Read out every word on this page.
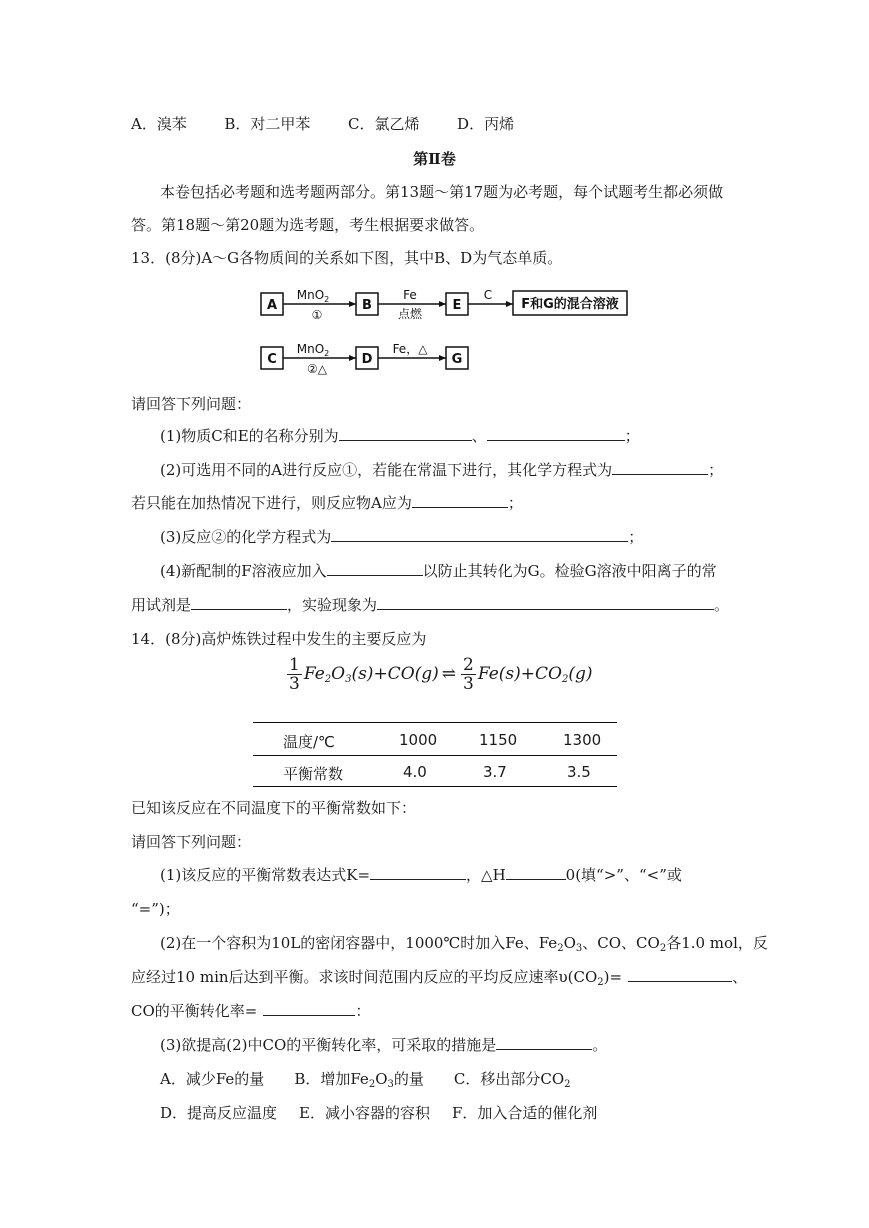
A．溴苯	B．对二甲苯	C．氯乙烯	D．丙烯
第Ⅱ卷
本卷包括必考题和选考题两部分。第13题～第17题为必考题，每个试题考生都必须做
答。第18题～第20题为选考题，考生根据要求做答。
13．(8分)A～G各物质间的关系如下图，其中B、D为气态单质。
A	B	E	F和G的混合溶液
C	D	G
MnO$_2$
①
Fe
点燃
C
MnO$_2$
②△
Fe，△
请回答下列问题：
(1)物质C和E的名称分别为	、	；
(2)可选用不同的A进行反应①，若能在常温下进行，其化学方程式为	；
若只能在加热情况下进行，则反应物A应为	；
(3)反应②的化学方程式为	；
(4)新配制的F溶液应加入	以防止其转化为G。检验G溶液中阳离子的常
用试剂是	，实验现象为	。
14．(8分)高炉炼铁过程中发生的主要反应为
$\frac{1}{3} Fe_2O_3(s)+CO(g)$ ⇌ $\frac{2}{3} Fe(s)+CO_2(g)$
温度/℃	1000	1150	1300
平衡常数	4.0	3.7	3.5
已知该反应在不同温度下的平衡常数如下：
请回答下列问题：
(1)该反应的平衡常数表达式K=	，△H	0(填“>”、“<”或
“=”)；
(2)在一个容积为10L的密闭容器中，1000℃时加入Fe、$Fe_2O_3$、CO、$CO_2$各1.0 mol，反
应经过10 min后达到平衡。求该时间范围内反应的平均反应速率$\upsilon(CO_2)=$	、
CO的平衡转化率=	：
(3)欲提高(2)中CO的平衡转化率，可采取的措施是	。
A．减少Fe的量 B．增加$Fe_2O_3$的量 C．移出部分$CO_2$
D．提高反应温度 E．减小容器的容积 F．加入合适的催化剂
